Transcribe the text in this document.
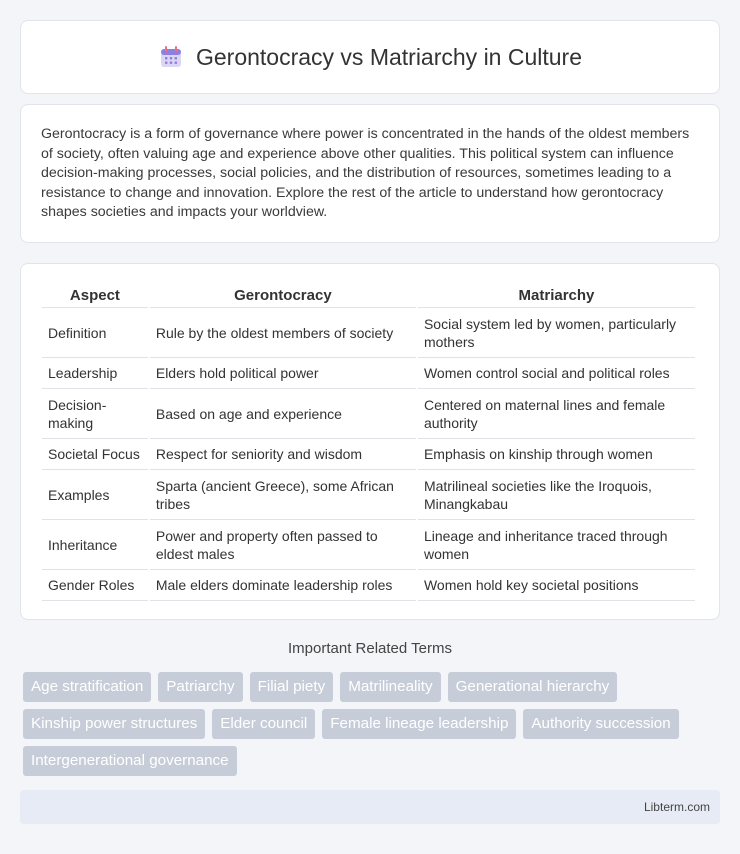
Gerontocracy vs Matriarchy in Culture

Gerontocracy is a form of governance where power is concentrated in the hands of the oldest members of society, often valuing age and experience above other qualities. This political system can influence decision-making processes, social policies, and the distribution of resources, sometimes leading to a resistance to change and innovation. Explore the rest of the article to understand how gerontocracy shapes societies and impacts your worldview.

Aspect	Gerontocracy	Matriarchy
Definition	Rule by the oldest members of society	Social system led by women, particularly mothers
Leadership	Elders hold political power	Women control social and political roles
Decision-making	Based on age and experience	Centered on maternal lines and female authority
Societal Focus	Respect for seniority and wisdom	Emphasis on kinship through women
Examples	Sparta (ancient Greece), some African tribes	Matrilineal societies like the Iroquois, Minangkabau
Inheritance	Power and property often passed to eldest males	Lineage and inheritance traced through women
Gender Roles	Male elders dominate leadership roles	Women hold key societal positions
Important Related Terms
Age stratification	Patriarchy	Filial piety	Matrilineality	Generational hierarchy
Kinship power structures	Elder council	Female lineage leadership	Authority succession
Intergenerational governance
Libterm.com
